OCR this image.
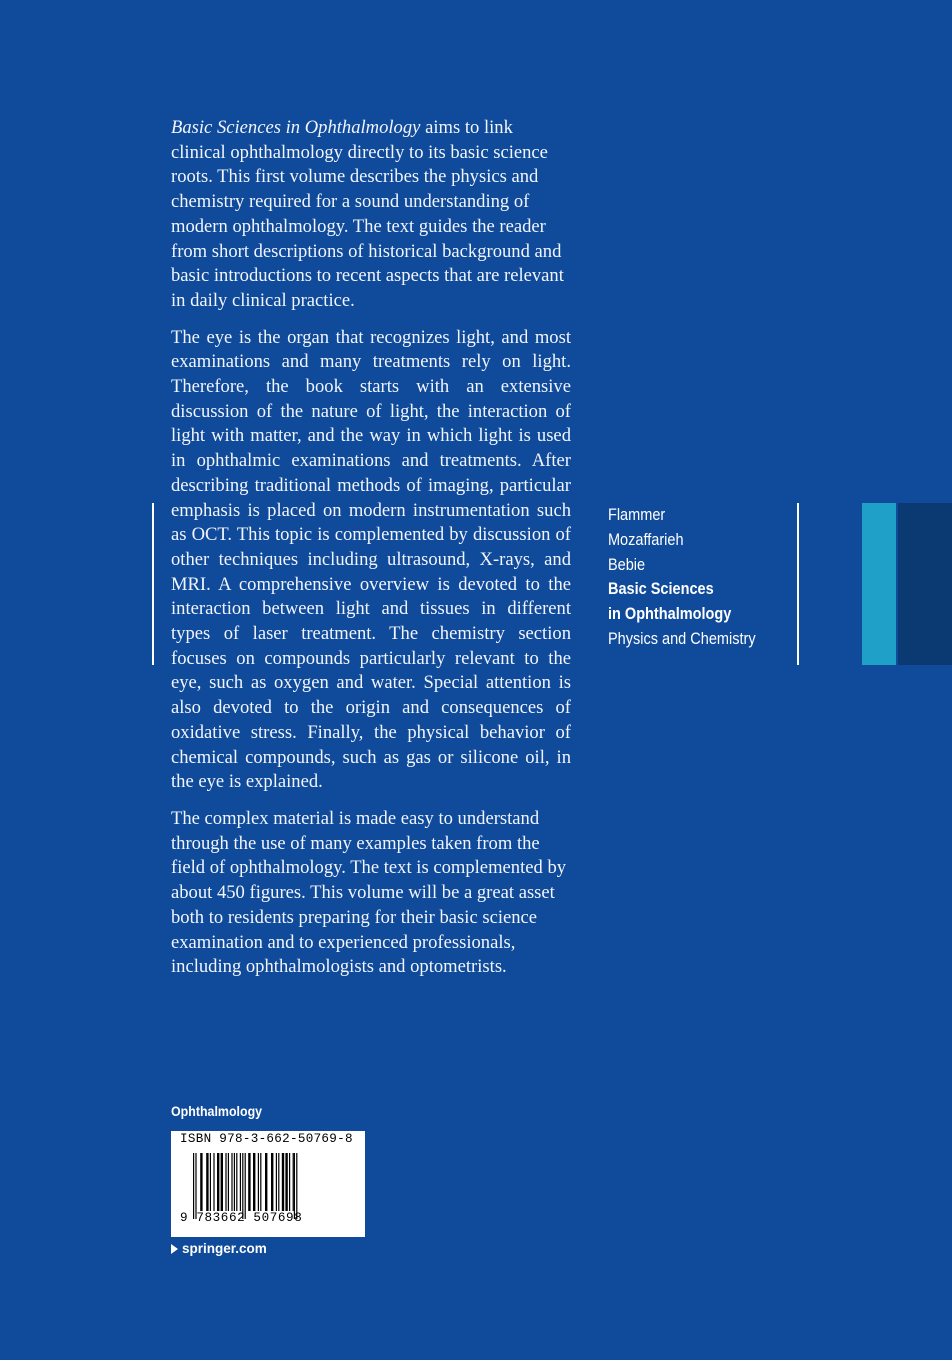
Basic Sciences in Ophthalmology aims to link clinical ophthalmology directly to its basic science roots. This first volume describes the physics and chemistry required for a sound understanding of modern ophthalmology. The text guides the reader from short descriptions of historical background and basic introductions to recent aspects that are relevant in daily clinical practice.

The eye is the organ that recognizes light, and most examinations and many treatments rely on light. Therefore, the book starts with an extensive discussion of the nature of light, the interaction of light with matter, and the way in which light is used in ophthalmic examinations and treatments. After describing traditional methods of imaging, particular emphasis is placed on modern instrumentation such as OCT. This topic is complemented by discussion of other techniques including ultrasound, X-rays, and MRI. A comprehensive overview is devoted to the interaction between light and tissues in different types of laser treatment. The chemistry section focuses on compounds particularly relevant to the eye, such as oxygen and water. Special attention is also devoted to the origin and consequences of oxidative stress. Finally, the physical behavior of chemical compounds, such as gas or silicone oil, in the eye is explained.

The complex material is made easy to understand through the use of many examples taken from the field of ophthalmology. The text is complemented by about 450 figures. This volume will be a great asset both to residents preparing for their basic science examination and to experienced professionals, including ophthalmologists and optometrists.

Flammer
Mozaffarieh
Bebie
Basic Sciences
in Ophthalmology
Physics and Chemistry
Ophthalmology
ISBN 978-3-662-50769-8
9 783662 507698
springer.com
